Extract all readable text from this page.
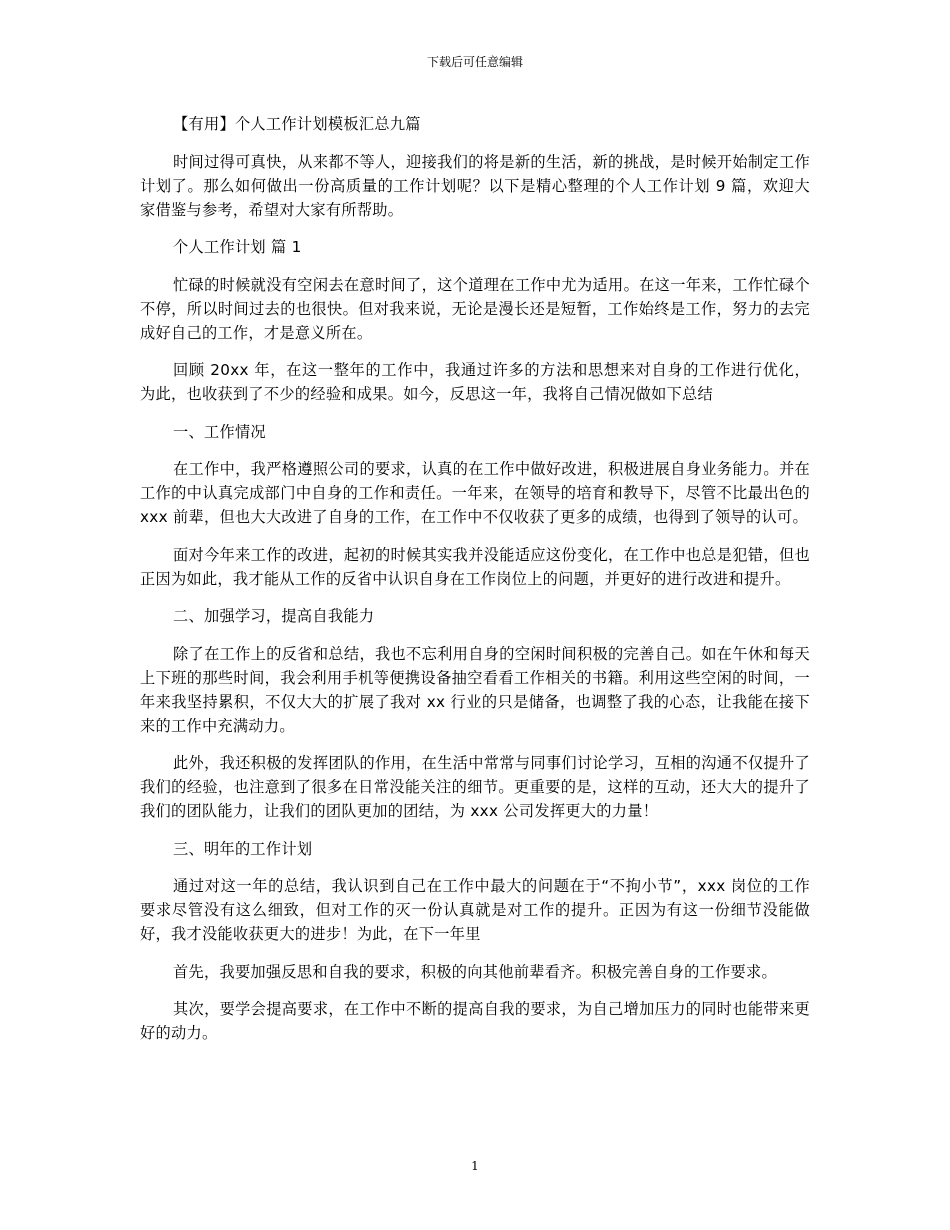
下载后可任意编辑

【有用】个人工作计划模板汇总九篇

时间过得可真快，从来都不等人，迎接我们的将是新的生活，新的挑战，是时候开始制定工作计划了。那么如何做出一份高质量的工作计划呢？以下是精心整理的个人工作计划 9 篇，欢迎大家借鉴与参考，希望对大家有所帮助。

个人工作计划 篇 1

忙碌的时候就没有空闲去在意时间了，这个道理在工作中尤为适用。在这一年来，工作忙碌个不停，所以时间过去的也很快。但对我来说，无论是漫长还是短暂，工作始终是工作，努力的去完成好自己的工作，才是意义所在。

回顾 20xx 年，在这一整年的工作中，我通过许多的方法和思想来对自身的工作进行优化，为此，也收获到了不少的经验和成果。如今，反思这一年，我将自己情况做如下总结

一、工作情况

在工作中，我严格遵照公司的要求，认真的在工作中做好改进，积极进展自身业务能力。并在工作的中认真完成部门中自身的工作和责任。一年来，在领导的培育和教导下，尽管不比最出色的 xxx 前辈，但也大大改进了自身的工作，在工作中不仅收获了更多的成绩，也得到了领导的认可。

面对今年来工作的改进，起初的时候其实我并没能适应这份变化，在工作中也总是犯错，但也正因为如此，我才能从工作的反省中认识自身在工作岗位上的问题，并更好的进行改进和提升。

二、加强学习，提高自我能力

除了在工作上的反省和总结，我也不忘利用自身的空闲时间积极的完善自己。如在午休和每天上下班的那些时间，我会利用手机等便携设备抽空看看工作相关的书籍。利用这些空闲的时间，一年来我坚持累积，不仅大大的扩展了我对 xx 行业的只是储备，也调整了我的心态，让我能在接下来的工作中充满动力。

此外，我还积极的发挥团队的作用，在生活中常常与同事们讨论学习，互相的沟通不仅提升了我们的经验，也注意到了很多在日常没能关注的细节。更重要的是，这样的互动，还大大的提升了我们的团队能力，让我们的团队更加的团结，为 xxx 公司发挥更大的力量！

三、明年的工作计划

通过对这一年的总结，我认识到自己在工作中最大的问题在于“不拘小节”，xxx 岗位的工作要求尽管没有这么细致，但对工作的灭一份认真就是对工作的提升。正因为有这一份细节没能做好，我才没能收获更大的进步！为此，在下一年里

首先，我要加强反思和自我的要求，积极的向其他前辈看齐。积极完善自身的工作要求。

其次，要学会提高要求，在工作中不断的提高自我的要求，为自己增加压力的同时也能带来更好的动力。

1
